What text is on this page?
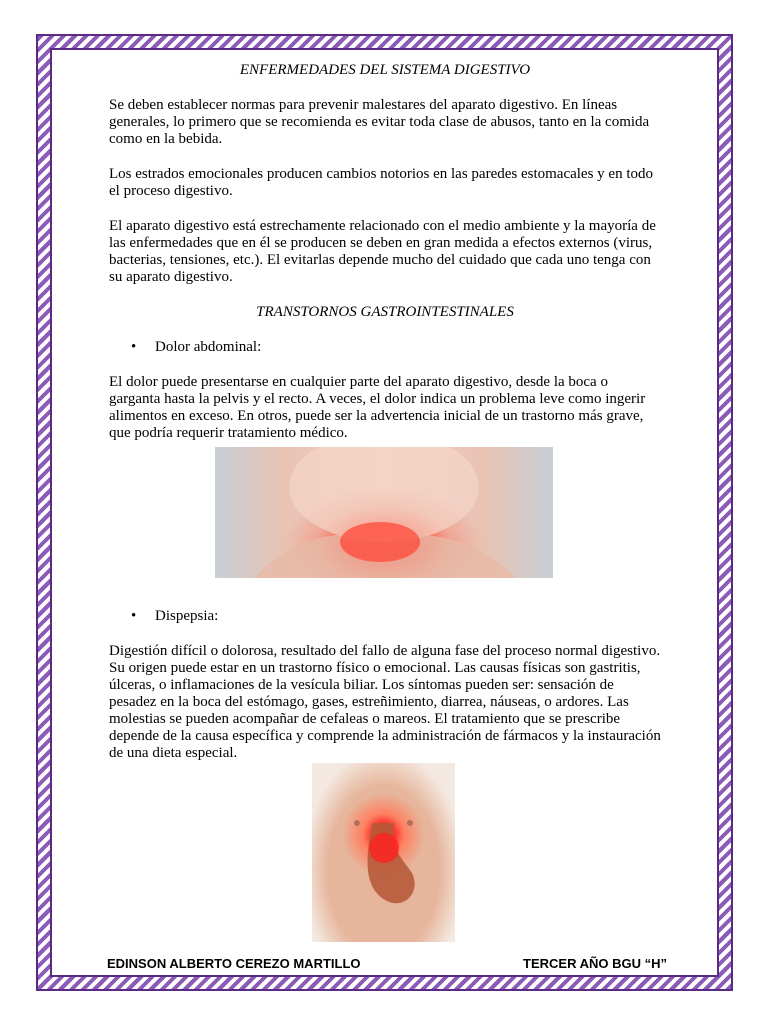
ENFERMEDADES DEL SISTEMA DIGESTIVO

Se deben establecer normas para prevenir malestares del aparato digestivo. En líneas generales, lo primero que se recomienda es evitar toda clase de abusos, tanto en la comida como en la bebida.

Los estrados emocionales producen cambios notorios en las paredes estomacales y en todo el proceso digestivo.

El aparato digestivo está estrechamente relacionado con el medio ambiente y la mayoría de las enfermedades que en él se producen se deben en gran medida a efectos externos (virus, bacterias, tensiones, etc.). El evitarlas depende mucho del cuidado que cada uno tenga con su aparato digestivo.

TRANSTORNOS GASTROINTESTINALES

•
Dolor abdominal:

El dolor puede presentarse en cualquier parte del aparato digestivo, desde la boca o garganta hasta la pelvis y el recto. A veces, el dolor indica un problema leve como ingerir alimentos en exceso. En otros, puede ser la advertencia inicial de un trastorno más grave, que podría requerir tratamiento médico.

•
Dispepsia:

Digestión difícil o dolorosa, resultado del fallo de alguna fase del proceso normal digestivo. Su origen puede estar en un trastorno físico o emocional. Las causas físicas son gastritis, úlceras, o inflamaciones de la vesícula biliar. Los síntomas pueden ser: sensación de pesadez en la boca del estómago, gases, estreñimiento, diarrea, náuseas, o ardores. Las molestias se pueden acompañar de cefaleas o mareos. El tratamiento que se prescribe depende de la causa específica y comprende la administración de fármacos y la instauración de una dieta especial.

EDINSON ALBERTO CEREZO MARTILLO	TERCER AÑO BGU “H”
